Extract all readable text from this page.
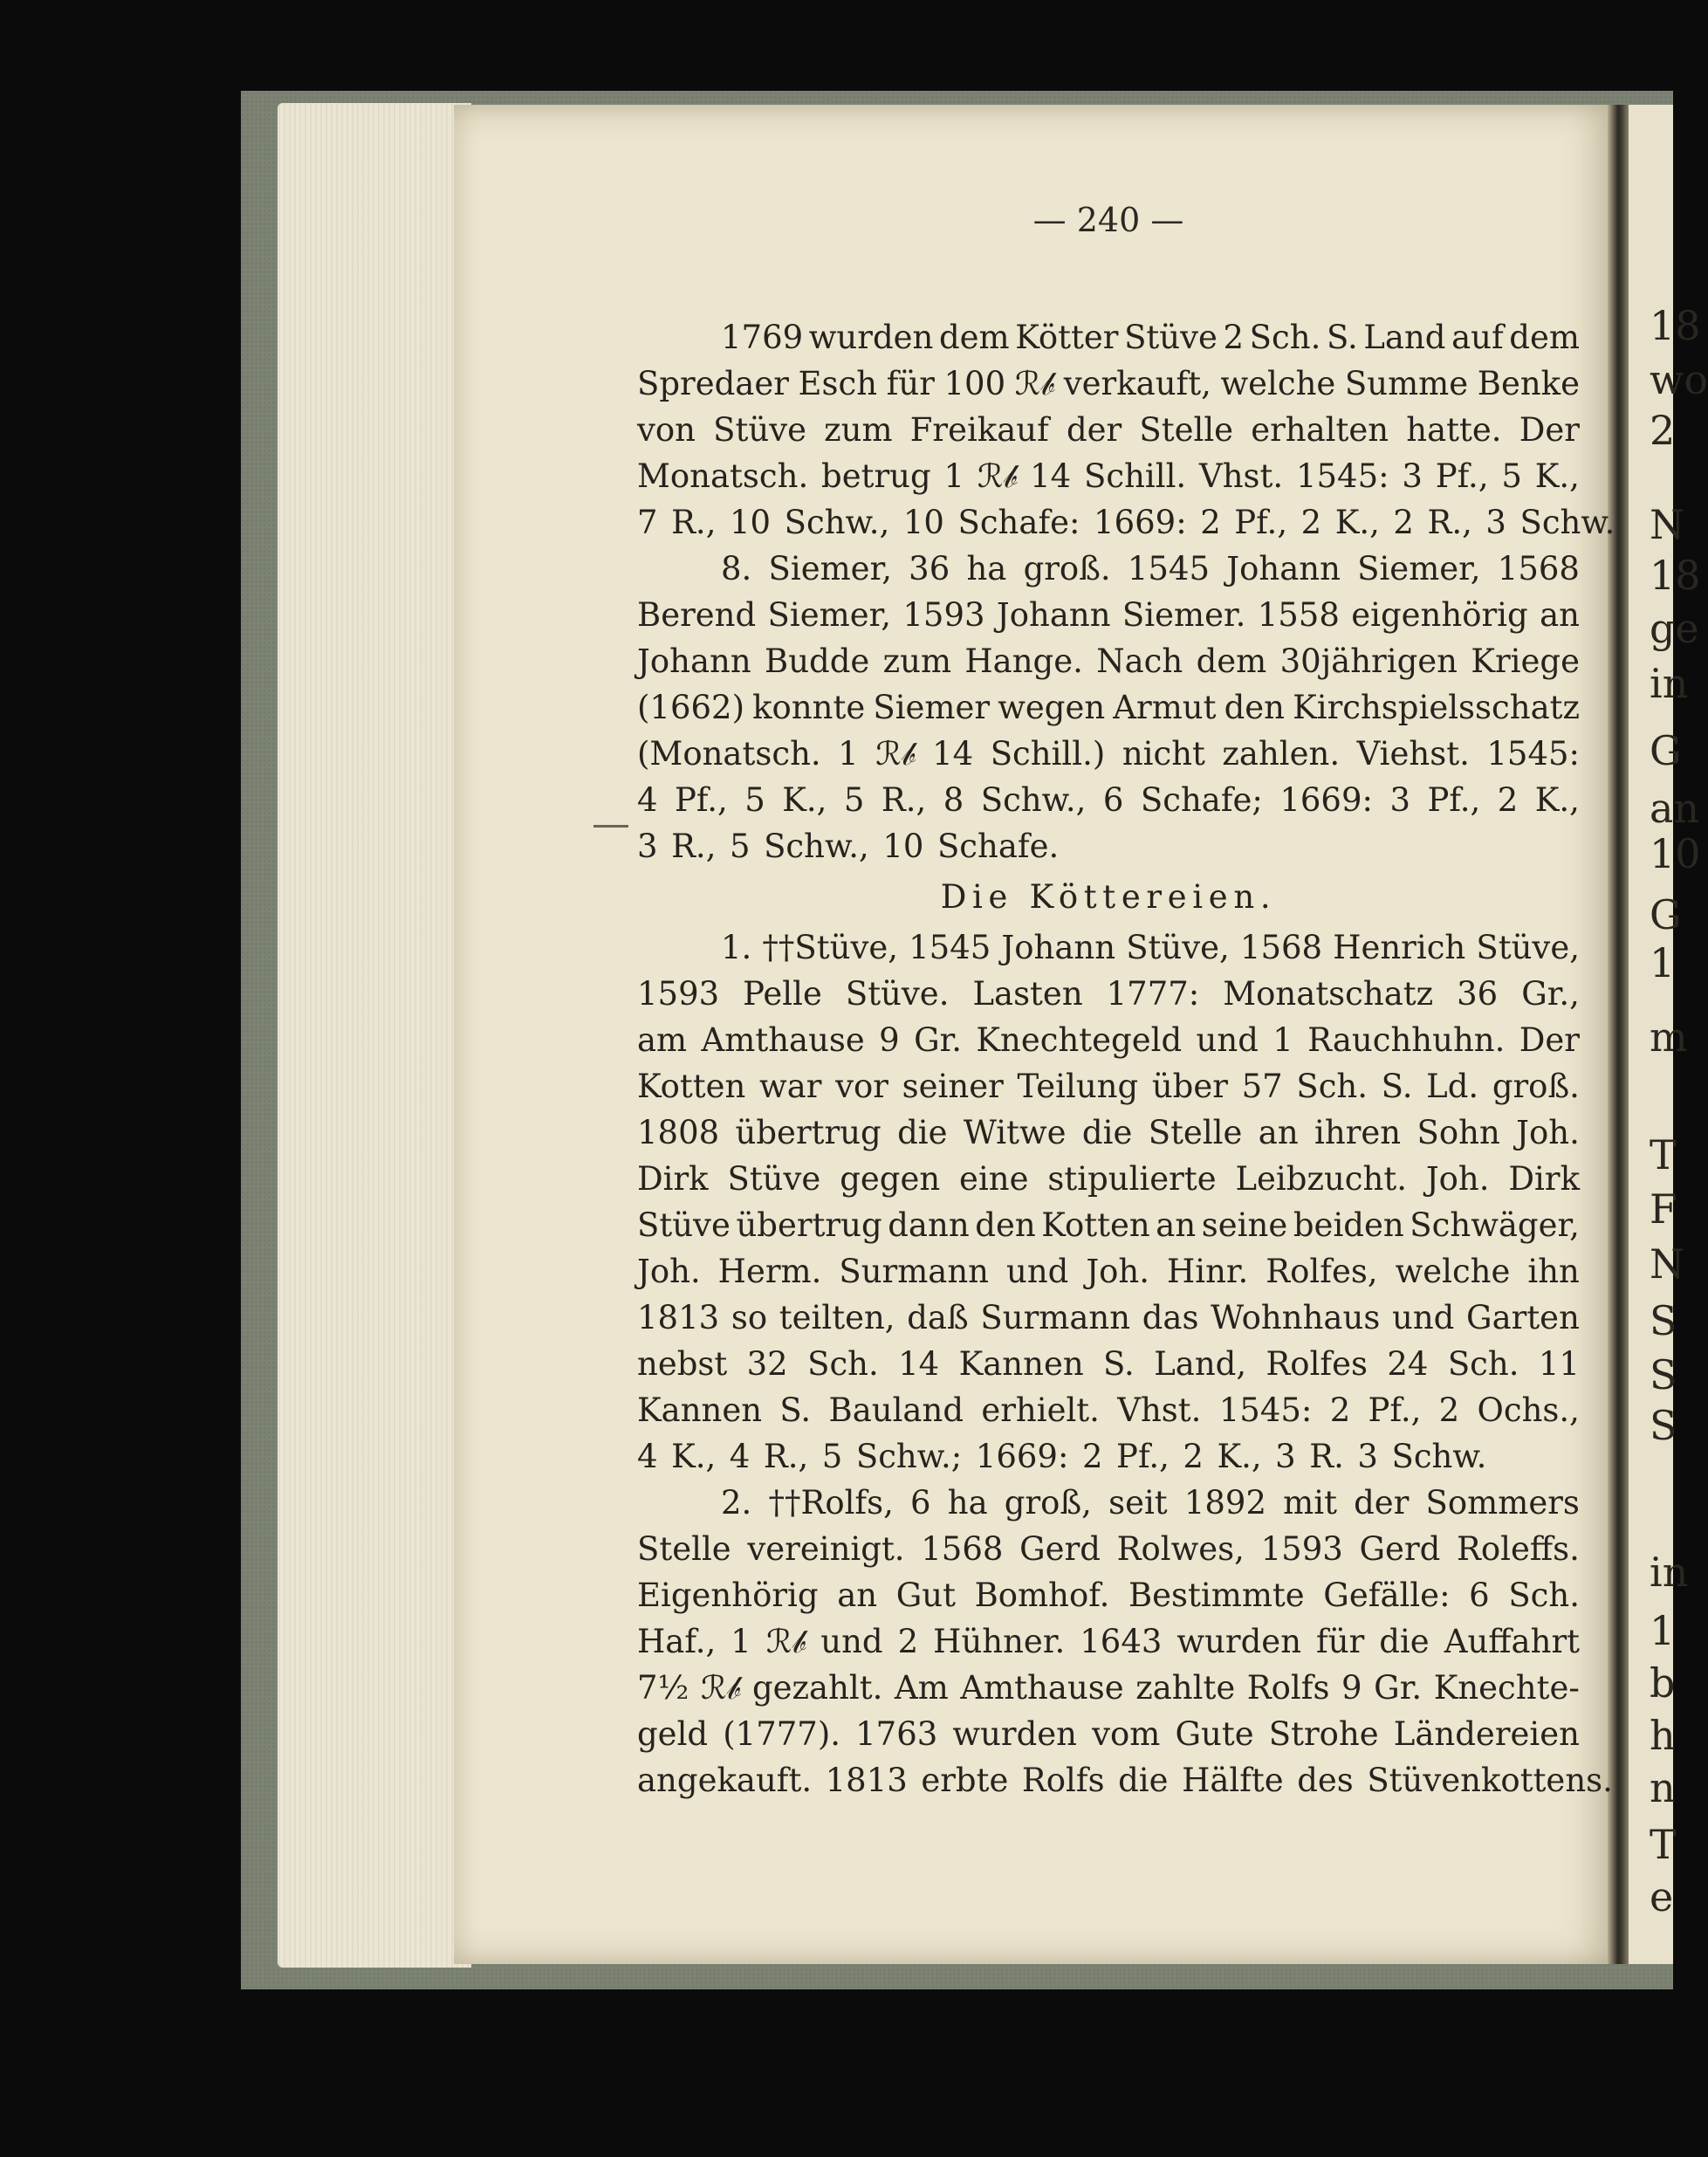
18
wo
2
N
18
ge
in
G
an
10
G
1
m
T
F
N
S
S
S
in
1
b
h
n
T
e
— 240 —
1769 wurden dem Kötter Stüve 2 Sch. S. Land auf dem
Spredaer Esch für 100 ℛ𝒷 verkauft, welche Summe Benke
von Stüve zum Freikauf der Stelle erhalten hatte. Der
Monatsch. betrug 1 ℛ𝒷 14 Schill. Vhst. 1545: 3 Pf., 5 K.,
7 R., 10 Schw., 10 Schafe: 1669: 2 Pf., 2 K., 2 R., 3 Schw.
8. Siemer, 36 ha groß. 1545 Johann Siemer, 1568
Berend Siemer, 1593 Johann Siemer. 1558 eigenhörig an
Johann Budde zum Hange. Nach dem 30jährigen Kriege
(1662) konnte Siemer wegen Armut den Kirchspielsschatz
(Monatsch. 1 ℛ𝒷 14 Schill.) nicht zahlen. Viehst. 1545:
4 Pf., 5 K., 5 R., 8 Schw., 6 Schafe; 1669: 3 Pf., 2 K.,
3 R., 5 Schw., 10 Schafe.
Die Köttereien.
1. ††Stüve, 1545 Johann Stüve, 1568 Henrich Stüve,
1593 Pelle Stüve. Lasten 1777: Monatschatz 36 Gr.,
am Amthause 9 Gr. Knechtegeld und 1 Rauchhuhn. Der
Kotten war vor seiner Teilung über 57 Sch. S. Ld. groß.
1808 übertrug die Witwe die Stelle an ihren Sohn Joh.
Dirk Stüve gegen eine stipulierte Leibzucht. Joh. Dirk
Stüve übertrug dann den Kotten an seine beiden Schwäger,
Joh. Herm. Surmann und Joh. Hinr. Rolfes, welche ihn
1813 so teilten, daß Surmann das Wohnhaus und Garten
nebst 32 Sch. 14 Kannen S. Land, Rolfes 24 Sch. 11
Kannen S. Bauland erhielt. Vhst. 1545: 2 Pf., 2 Ochs.,
4 K., 4 R., 5 Schw.; 1669: 2 Pf., 2 K., 3 R. 3 Schw.
2. ††Rolfs, 6 ha groß, seit 1892 mit der Sommers
Stelle vereinigt. 1568 Gerd Rolwes, 1593 Gerd Roleffs.
Eigenhörig an Gut Bomhof. Bestimmte Gefälle: 6 Sch.
Haf., 1 ℛ𝒷 und 2 Hühner. 1643 wurden für die Auffahrt
7½ ℛ𝒷 gezahlt. Am Amthause zahlte Rolfs 9 Gr. Knechte-
geld (1777). 1763 wurden vom Gute Strohe Ländereien
angekauft. 1813 erbte Rolfs die Hälfte des Stüvenkottens.
